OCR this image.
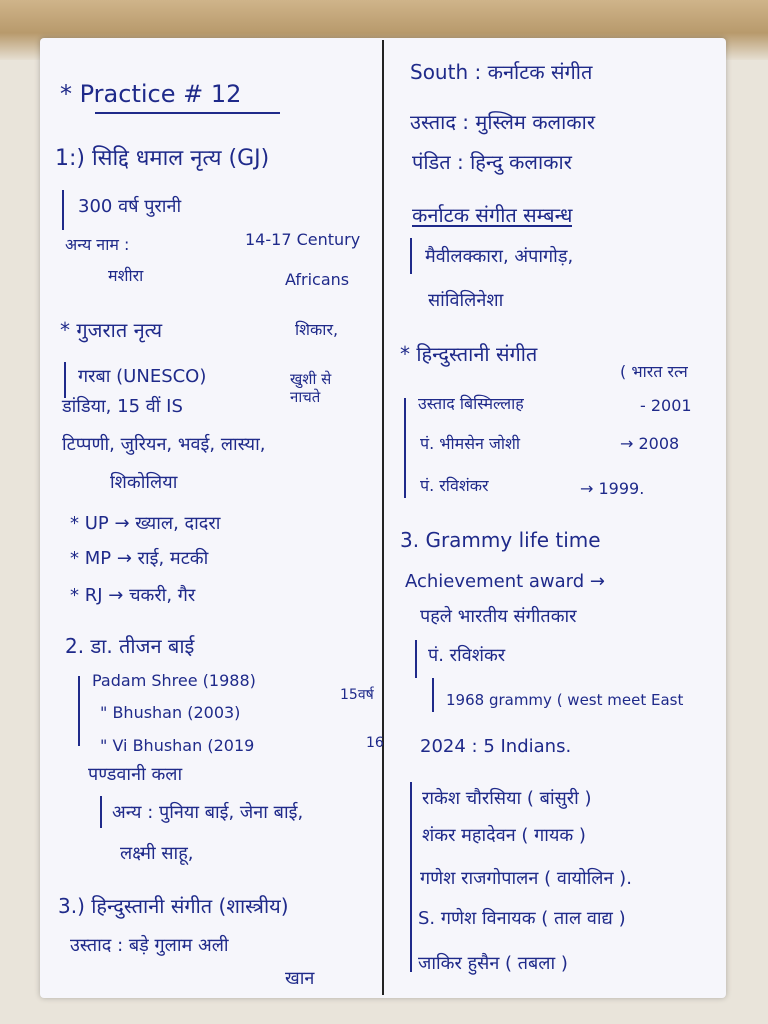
* Practice # 12

1:) सिद्दि धमाल नृत्य (GJ)

300 वर्ष पुरानी

अन्य नाम :

मशीरा

14-17 Century

Africans

शिकार,

खुशी से नाचते

* गुजरात नृत्य

गरबा (UNESCO)

डांडिया, 15 वीं IS

टिप्पणी, जुरियन, भवई, लास्या,

शिकोलिया

* UP → ख्याल, दादरा

* MP → राई, मटकी

* RJ → चकरी, गैर

2. डा. तीजन बाई

Padam Shree (1988)

" Bhushan (2003)

15वर्ष

" Vi Bhushan (2019	16

पण्डवानी कला

अन्य : पुनिया बाई, जेना बाई,

लक्ष्मी साहू,

3.) हिन्दुस्तानी संगीत (शास्त्रीय)

उस्ताद : बड़े गुलाम अली

खान

South : कर्नाटक संगीत

उस्ताद : मुस्लिम कलाकार

पंडित : हिन्दु कलाकार

कर्नाटक संगीत सम्बन्ध

मैवीलक्कारा, अंपागोड़,

सांविलिनेशा

* हिन्दुस्तानी संगीत

( भारत रत्न

उस्ताद बिस्मिल्लाह	- 2001

पं. भीमसेन जोशी	→ 2008

पं. रविशंकर	→ 1999.

3. Grammy life time

Achievement award →

पहले भारतीय संगीतकार

पं. रविशंकर

1968 grammy ( west meet East

2024 : 5 Indians.

राकेश चौरसिया ( बांसुरी )

शंकर महादेवन ( गायक )

गणेश राजगोपालन ( वायोलिन ).

S. गणेश विनायक ( ताल वाद्य )

जाकिर हुसैन ( तबला )
